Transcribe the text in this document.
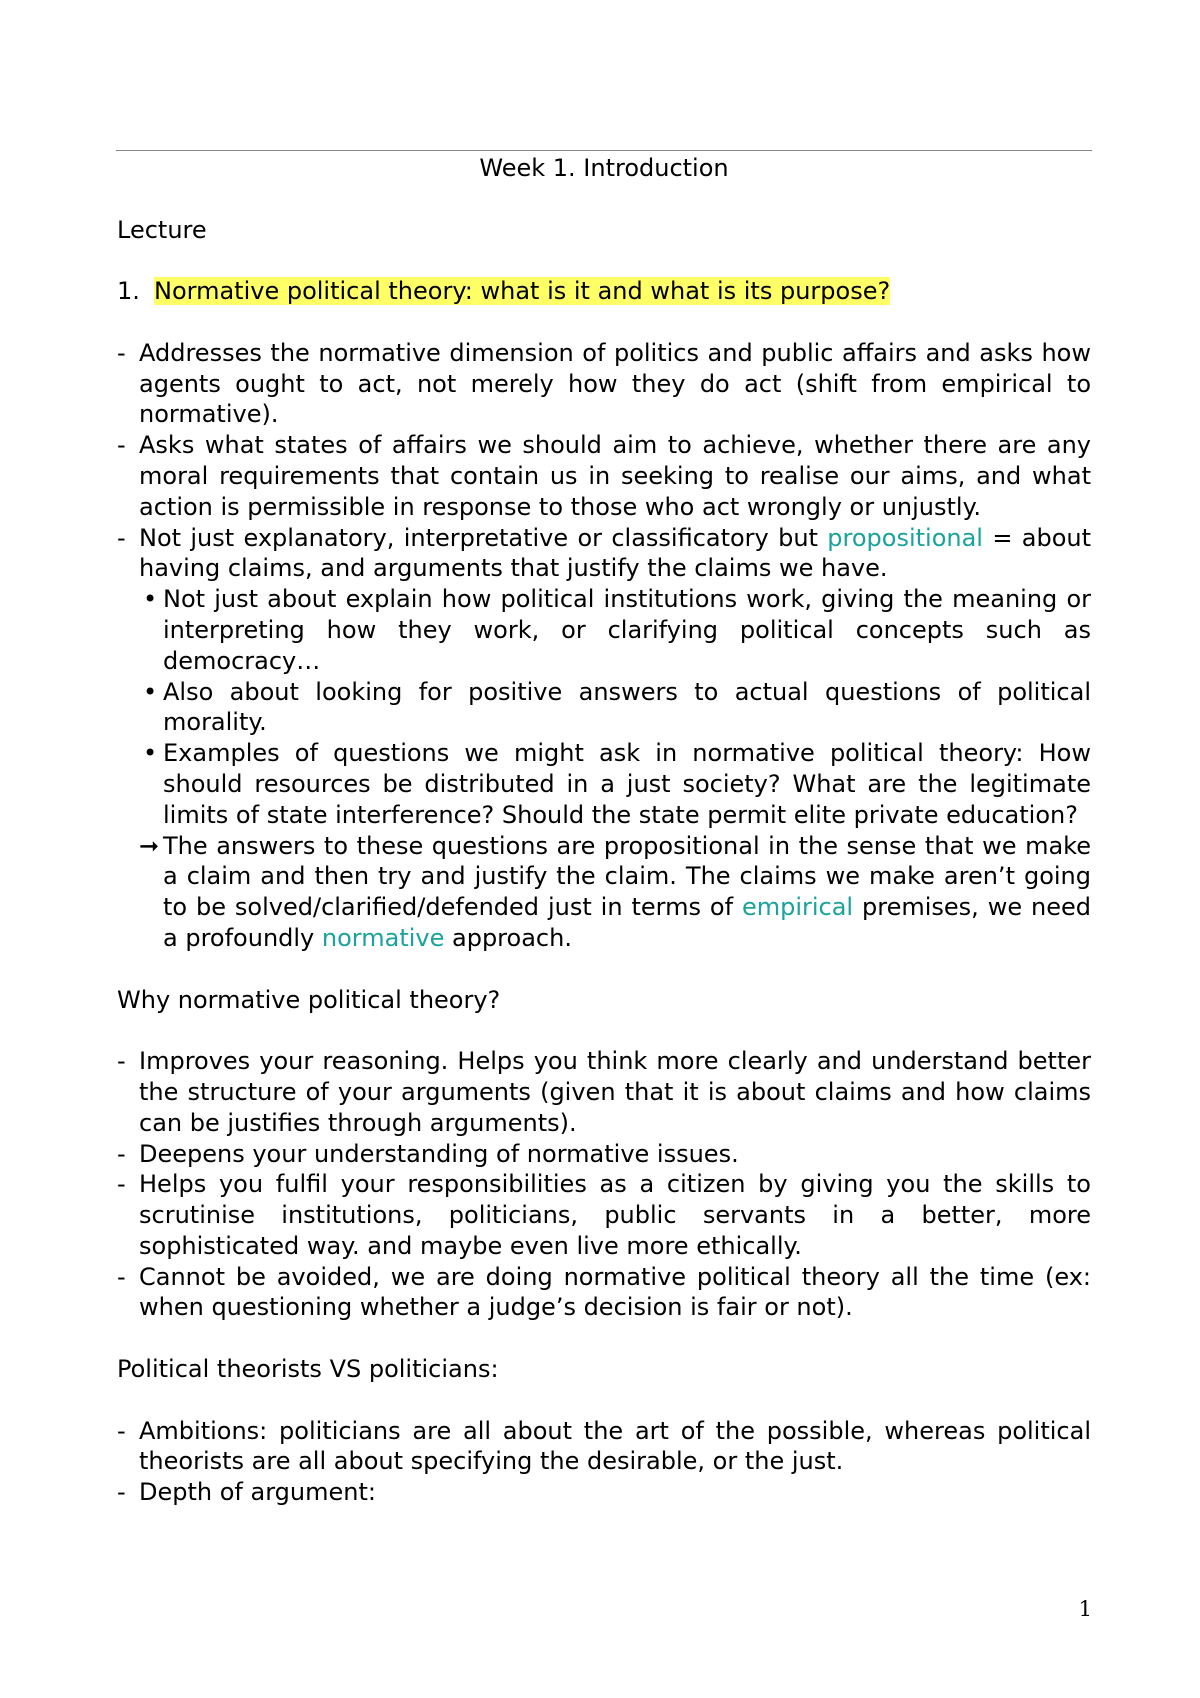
Week 1. Introduction
Lecture
1. Normative political theory: what is it and what is its purpose?
- Addresses the normative dimension of politics and public affairs and asks how agents ought to act, not merely how they do act (shift from empirical to normative).
- Asks what states of affairs we should aim to achieve, whether there are any moral requirements that contain us in seeking to realise our aims, and what action is permissible in response to those who act wrongly or unjustly.
- Not just explanatory, interpretative or classificatory but propositional = about having claims, and arguments that justify the claims we have.
• Not just about explain how political institutions work, giving the meaning or interpreting how they work, or clarifying political concepts such as democracy…
• Also about looking for positive answers to actual questions of political morality.
• Examples of questions we might ask in normative political theory: How should resources be distributed in a just society? What are the legitimate limits of state interference? Should the state permit elite private education?
➞ The answers to these questions are propositional in the sense that we make a claim and then try and justify the claim. The claims we make aren’t going to be solved/clarified/defended just in terms of empirical premises, we need a profoundly normative approach.
Why normative political theory?
- Improves your reasoning. Helps you think more clearly and understand better the structure of your arguments (given that it is about claims and how claims can be justifies through arguments).
- Deepens your understanding of normative issues.
- Helps you fulfil your responsibilities as a citizen by giving you the skills to scrutinise institutions, politicians, public servants in a better, more sophisticated way. and maybe even live more ethically.
- Cannot be avoided, we are doing normative political theory all the time (ex: when questioning whether a judge’s decision is fair or not).
Political theorists VS politicians:
- Ambitions: politicians are all about the art of the possible, whereas political theorists are all about specifying the desirable, or the just.
- Depth of argument:
1
